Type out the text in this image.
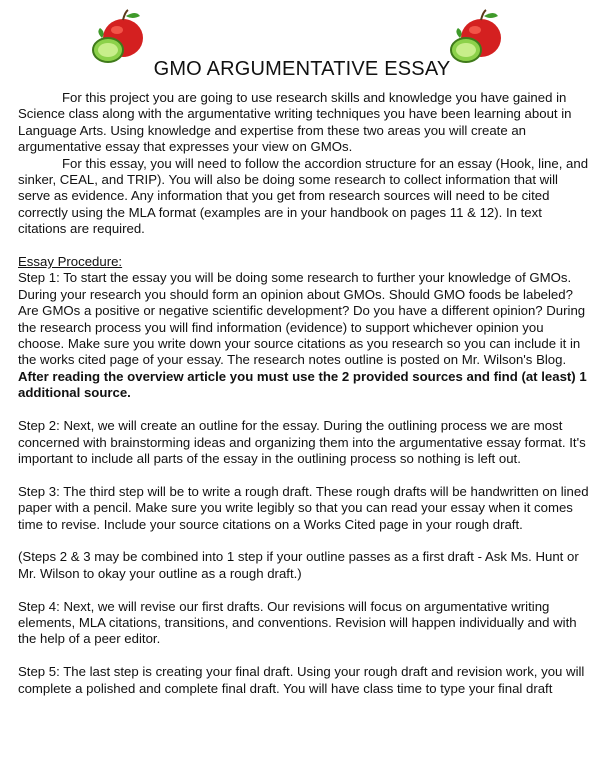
GMO ARGUMENTATIVE ESSAY

For this project you are going to use research skills and knowledge you have gained in Science class along with the argumentative writing techniques you have been learning about in Language Arts. Using knowledge and expertise from these two areas you will create an argumentative essay that expresses your view on GMOs.

For this essay, you will need to follow the accordion structure for an essay (Hook, line, and sinker, CEAL, and TRIP). You will also be doing some research to collect information that will serve as evidence. Any information that you get from research sources will need to be cited correctly using the MLA format (examples are in your handbook on pages 11 & 12). In text citations are required.

Essay Procedure:

Step 1: To start the essay you will be doing some research to further your knowledge of GMOs. During your research you should form an opinion about GMOs. Should GMO foods be labeled? Are GMOs a positive or negative scientific development? Do you have a different opinion? During the research process you will find information (evidence) to support whichever opinion you choose. Make sure you write down your source citations as you research so you can include it in the works cited page of your essay. The research notes outline is posted on Mr. Wilson's Blog. After reading the overview article you must use the 2 provided sources and find (at least) 1 additional source.

Step 2: Next, we will create an outline for the essay. During the outlining process we are most concerned with brainstorming ideas and organizing them into the argumentative essay format. It's important to include all parts of the essay in the outlining process so nothing is left out.

Step 3: The third step will be to write a rough draft. These rough drafts will be handwritten on lined paper with a pencil. Make sure you write legibly so that you can read your essay when it comes time to revise. Include your source citations on a Works Cited page in your rough draft.

(Steps 2 & 3 may be combined into 1 step if your outline passes as a first draft - Ask Ms. Hunt or Mr. Wilson to okay your outline as a rough draft.)

Step 4: Next, we will revise our first drafts. Our revisions will focus on argumentative writing elements, MLA citations, transitions, and conventions. Revision will happen individually and with the help of a peer editor.

Step 5: The last step is creating your final draft. Using your rough draft and revision work, you will complete a polished and complete final draft. You will have class time to type your final draft
